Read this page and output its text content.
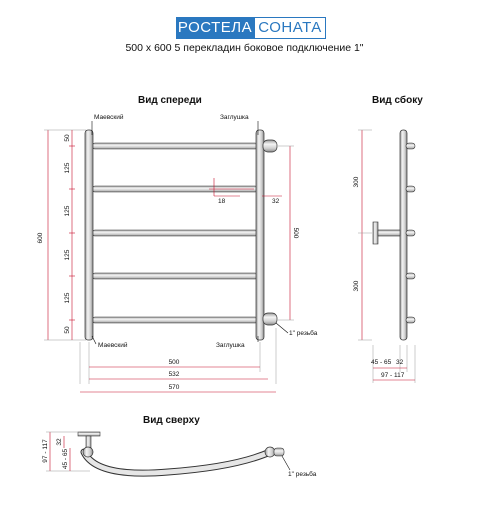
РОСТЕЛА СОНАТА
500 х 600 5 перекладин боковое подключение 1"
Вид спереди
600
50
125
125
125
125
50
Маевский	Заглушка
Маевский	Заглушка
1" резьба
18	32
500
500
532
570
Вид сбоку
300
300
45 - 65 32
97 - 117
Вид сверху
1" резьба
97 - 117 32
45 - 65
